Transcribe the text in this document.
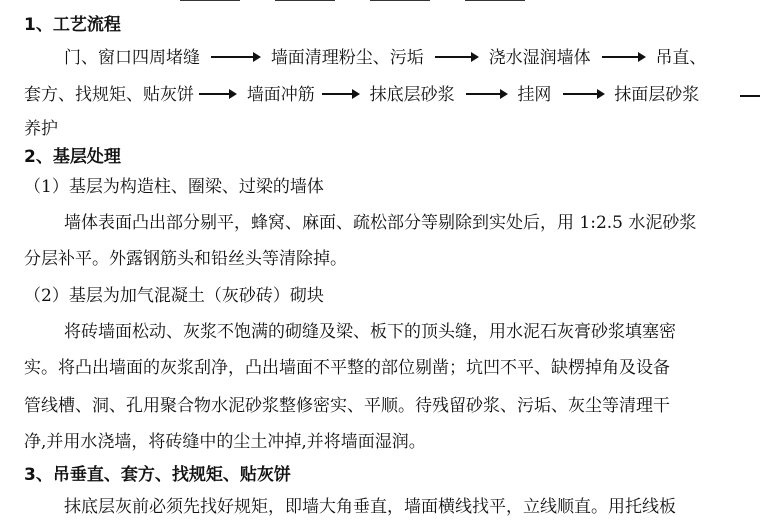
1、工艺流程
门、窗口四周堵缝	墙面清理粉尘、污垢	浇水湿润墙体	吊直、
套方、找规矩、贴灰饼	墙面冲筋	抹底层砂浆	挂网	抹面层砂浆
养护
2、基层处理
（1）基层为构造柱、圈梁、过梁的墙体
墙体表面凸出部分剔平，蜂窝、麻面、疏松部分等剔除到实处后，用 1:2.5 水泥砂浆
分层补平。外露钢筋头和铅丝头等清除掉。
（2）基层为加气混凝土（灰砂砖）砌块
将砖墙面松动、灰浆不饱满的砌缝及梁、板下的顶头缝，用水泥石灰膏砂浆填塞密
实。将凸出墙面的灰浆刮净，凸出墙面不平整的部位剔凿；坑凹不平、缺楞掉角及设备
管线槽、洞、孔用聚合物水泥砂浆整修密实、平顺。待残留砂浆、污垢、灰尘等清理干
净,并用水浇墙，将砖缝中的尘土冲掉,并将墙面湿润。
3、吊垂直、套方、找规矩、贴灰饼
抹底层灰前必须先找好规矩，即墙大角垂直，墙面横线找平，立线顺直。用托线板
